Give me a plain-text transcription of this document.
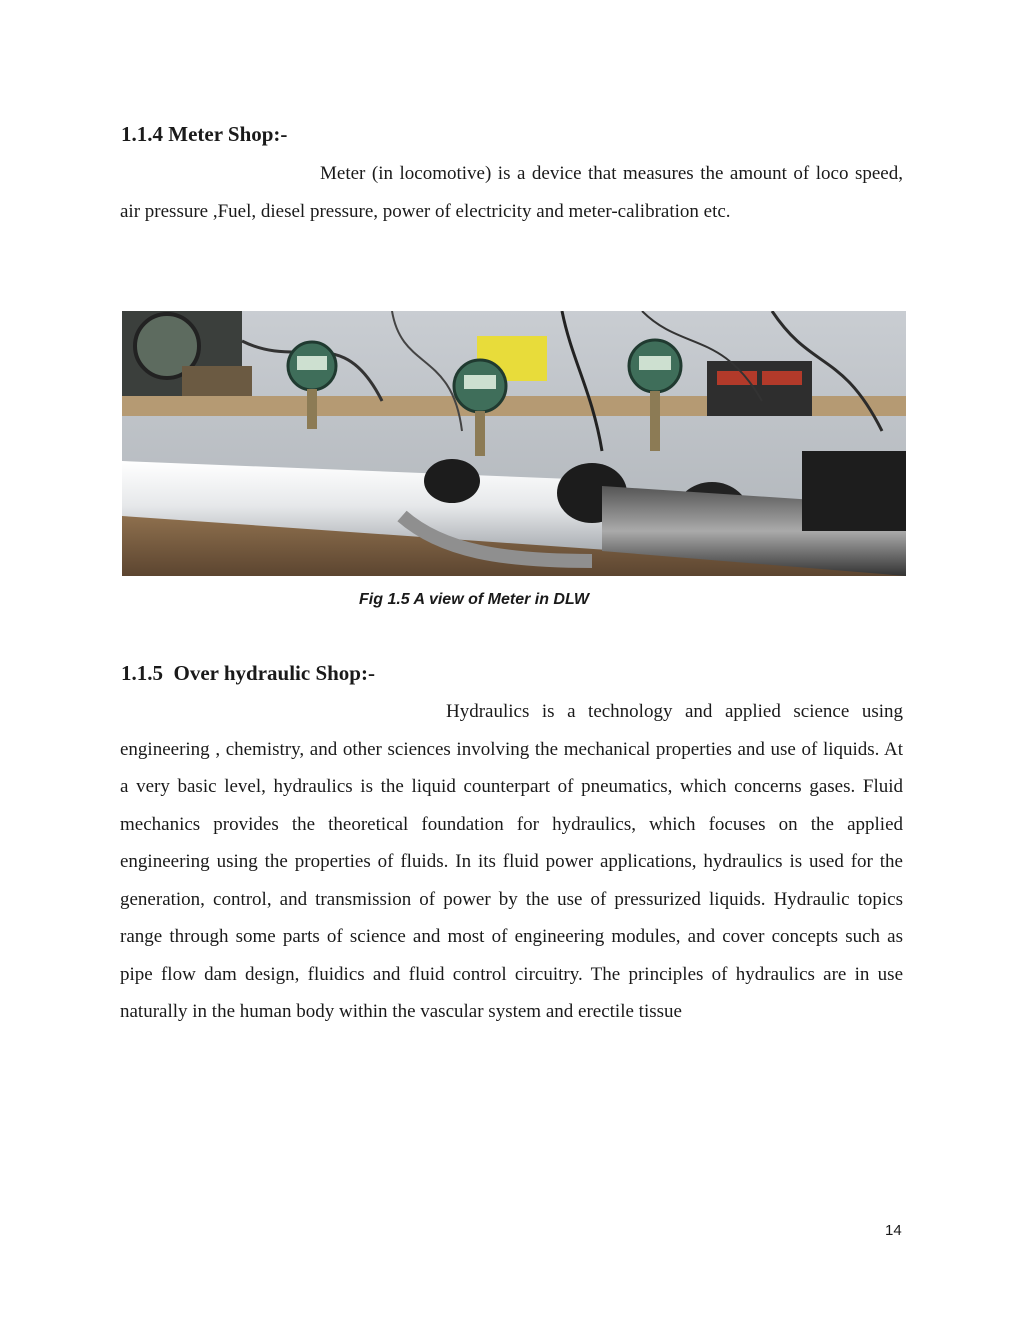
1.1.4 Meter Shop:-
Meter (in locomotive) is a device that measures the amount of loco speed, air pressure ,Fuel, diesel pressure, power of electricity and meter-calibration etc.
Fig 1.5 A view of Meter in DLW
1.1.5  Over hydraulic Shop:-
Hydraulics is a technology and applied science using engineering , chemistry, and other sciences involving the mechanical properties and use of liquids. At a very basic level, hydraulics is the liquid counterpart of pneumatics, which concerns gases. Fluid mechanics provides the theoretical foundation for hydraulics, which focuses on the applied engineering using the properties of fluids. In its fluid power applications, hydraulics is used for the generation, control, and transmission of power by the use of pressurized liquids. Hydraulic topics range through some parts of science and most of engineering modules, and cover concepts such as pipe flow dam design, fluidics and fluid control circuitry. The principles of hydraulics are in use naturally in the human body within the vascular system and erectile tissue
14
